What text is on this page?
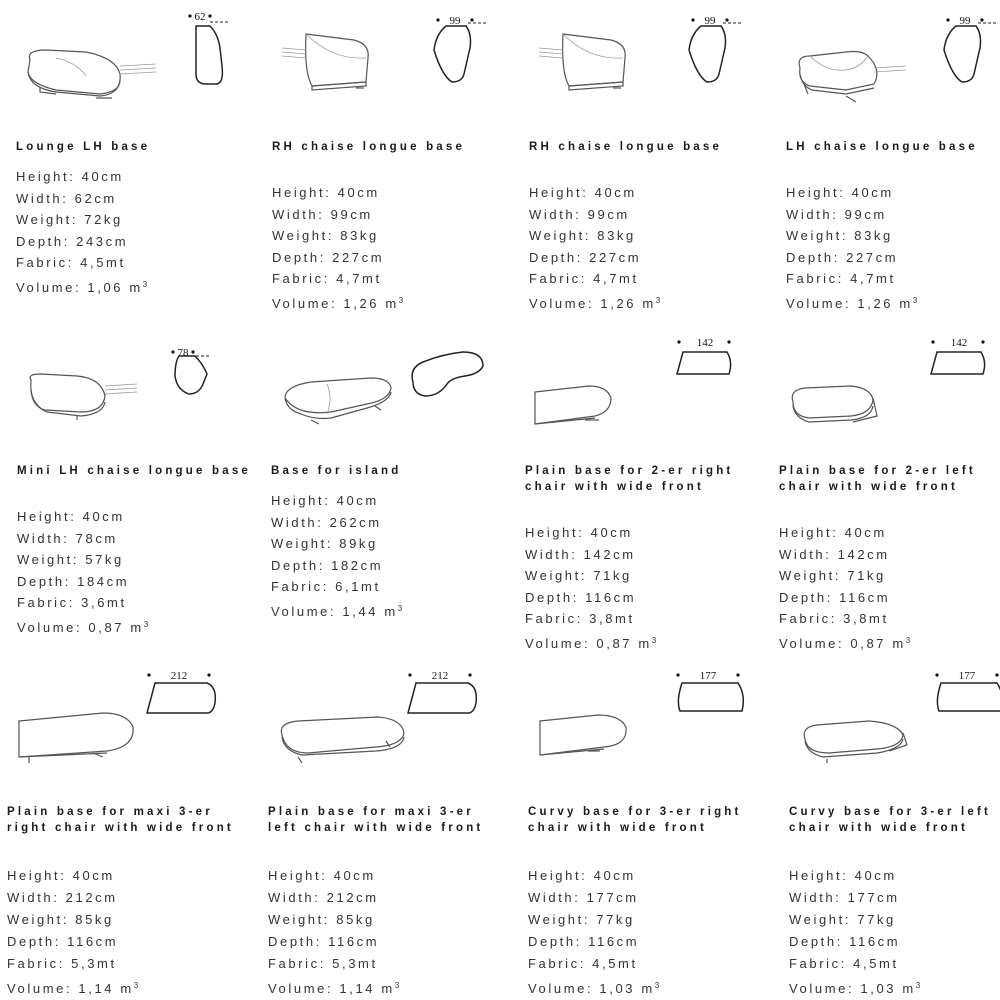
62

Lounge LH base

Height : 40cm
Width : 62cm
Weight : 72kg
Depth : 243cm
Fabric : 4,5mt
Volume : 1,06 $m^3$
99

RH chaise longue base

Height : 40cm
Width : 99cm
Weight : 83kg
Depth : 227cm
Fabric : 4,7mt
Volume : 1,26 $m^3$
99

RH chaise longue base

Height : 40cm
Width : 99cm
Weight : 83kg
Depth : 227cm
Fabric : 4,7mt
Volume : 1,26 $m^3$
99

LH chaise longue base

Height : 40cm
Width : 99cm
Weight : 83kg
Depth : 227cm
Fabric : 4,7mt
Volume : 1,26 $m^3$
78

Mini LH chaise longue base

Height : 40cm
Width : 78cm
Weight : 57kg
Depth : 184cm
Fabric : 3,6mt
Volume : 0,87 $m^3$

Base for island

Height : 40cm
Width : 262cm
Weight : 89kg
Depth : 182cm
Fabric : 6,1mt
Volume : 1,44 $m^3$
142

Plain base for 2-er right chair with wide front

Height : 40cm
Width : 142cm
Weight : 71kg
Depth : 116cm
Fabric : 3,8mt
Volume : 0,87 $m^3$
142

Plain base for 2-er left chair with wide front

Height : 40cm
Width : 142cm
Weight : 71kg
Depth : 116cm
Fabric : 3,8mt
Volume : 0,87 $m^3$
212

Plain base for maxi 3-er right chair with wide front

Height : 40cm
Width : 212cm
Weight : 85kg
Depth : 116cm
Fabric : 5,3mt
Volume : 1,14 $m^3$
212

Plain base for maxi 3-er left chair with wide front

Height : 40cm
Width : 212cm
Weight : 85kg
Depth : 116cm
Fabric : 5,3mt
Volume : 1,14 $m^3$
177

Curvy base for 3-er right chair with wide front

Height : 40cm
Width : 177cm
Weight : 77kg
Depth : 116cm
Fabric : 4,5mt
Volume : 1,03 $m^3$
177

Curvy base for 3-er left chair with wide front

Height : 40cm
Width : 177cm
Weight : 77kg
Depth : 116cm
Fabric : 4,5mt
Volume : 1,03 $m^3$
